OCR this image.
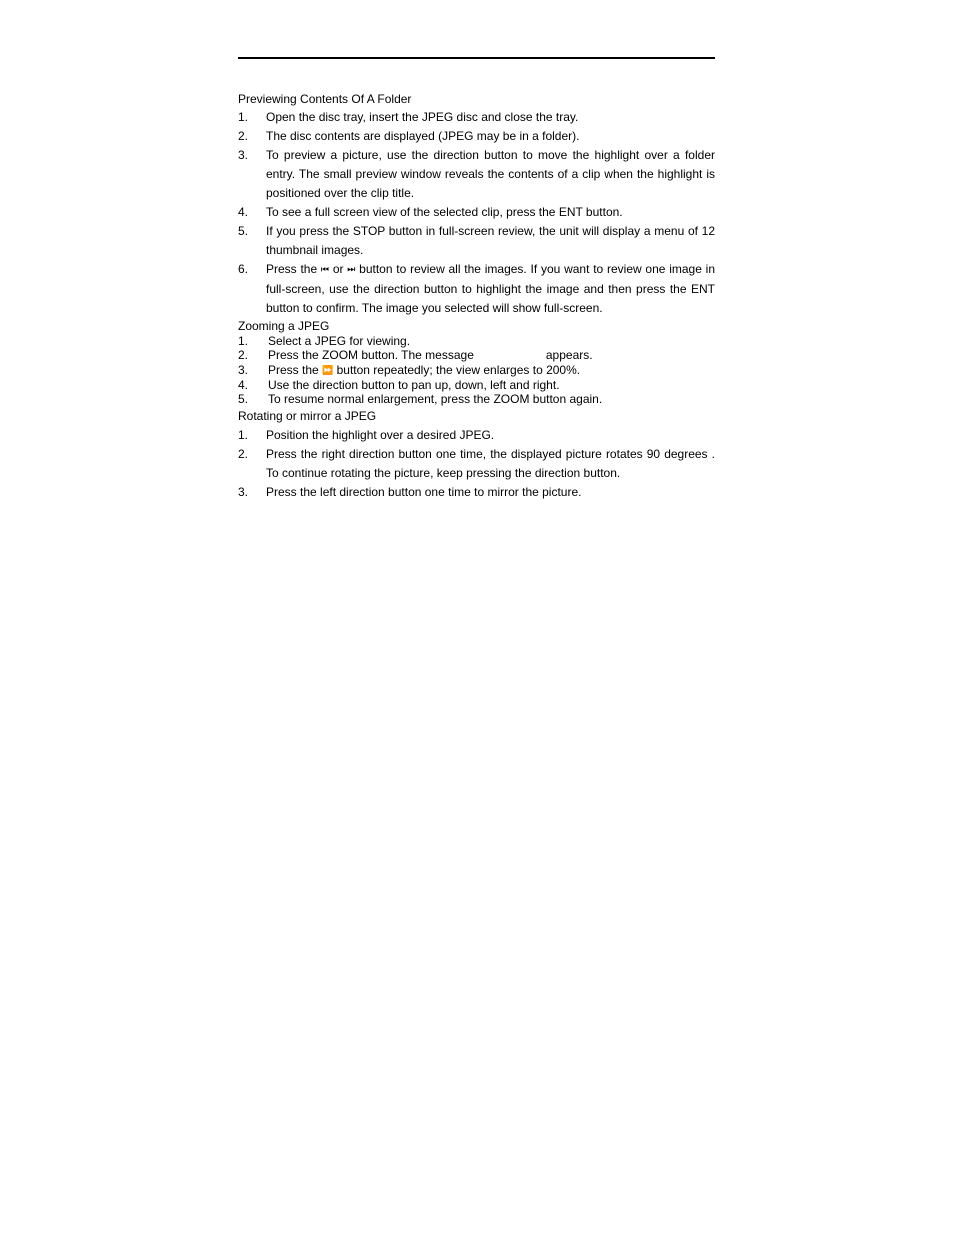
Previewing Contents Of A Folder
1.	Open the disc tray, insert the JPEG disc and close the tray.
2.	The disc contents are displayed (JPEG may be in a folder).
3.	To preview a picture, use the direction button to move the highlight over a folder entry. The small preview window reveals the contents of a clip when the highlight is positioned over the clip title.
4.	To see a full screen view of the selected clip, press the ENT button.
5.	If you press the STOP button in full-screen review, the unit will display a menu of 12 thumbnail images.
6.	Press the ⏮ or ⏭ button to review all the images. If you want to review one image in full-screen, use the direction button to highlight the image and then press the ENT button to confirm. The image you selected will show full-screen.
Zooming a JPEG
1.	Select a JPEG for viewing.
2.	Press the ZOOM button. The message	appears.
3.	Press the ⏩ button repeatedly; the view enlarges to 200%.
4.	Use the direction button to pan up, down, left and right.
5.	To resume normal enlargement, press the ZOOM button again.
Rotating or mirror a JPEG
1.	Position the highlight over a desired JPEG.
2.	Press the right direction button one time, the displayed picture rotates 90 degrees . To continue rotating the picture, keep pressing the direction button.
3.	Press the left direction button one time to mirror the picture.
